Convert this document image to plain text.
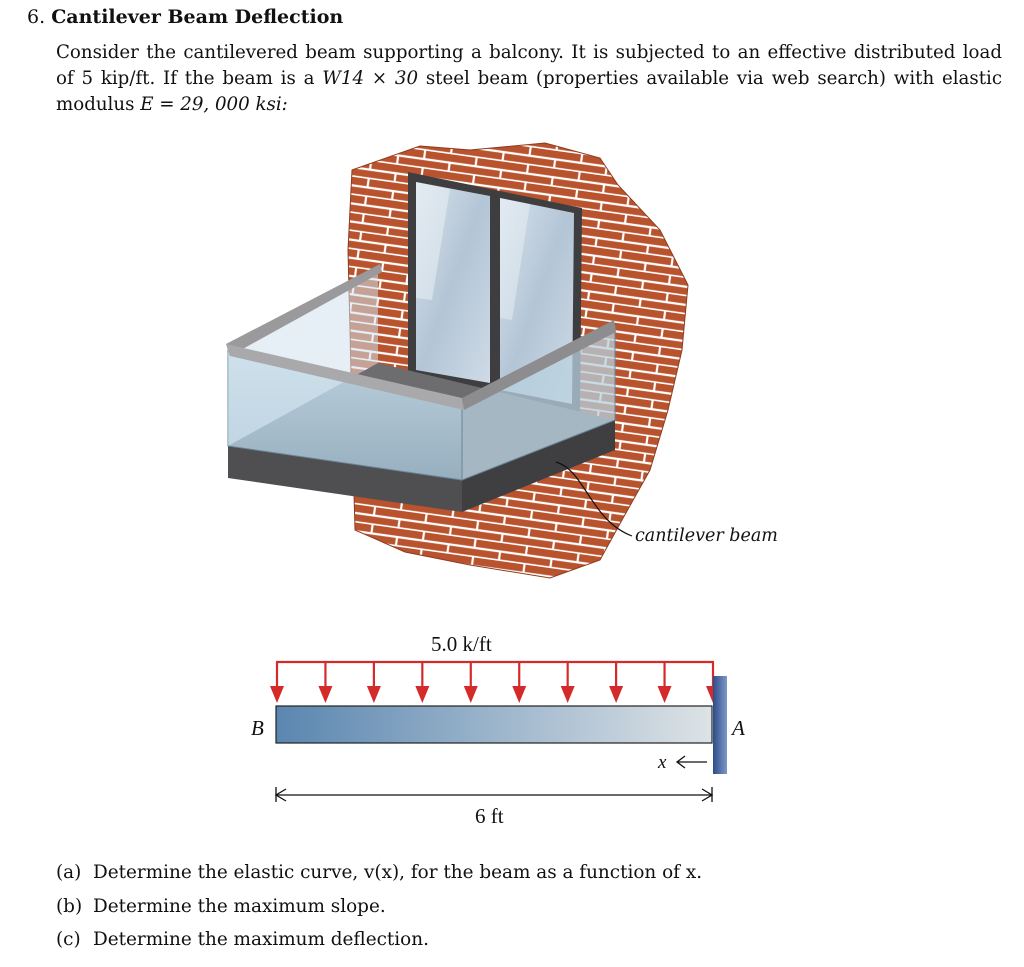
6. Cantilever Beam Deflection

Consider the cantilevered beam supporting a balcony. It is subjected to an effective distributed load of 5 kip/ft. If the beam is a W14 × 30 steel beam (properties available via web search) with elastic modulus E = 29, 000 ksi:

cantilever beam
5.0 k/ft
B	A
x
6 ft
(a) Determine the elastic curve, v(x), for the beam as a function of x.
(b) Determine the maximum slope.
(c) Determine the maximum deflection.
